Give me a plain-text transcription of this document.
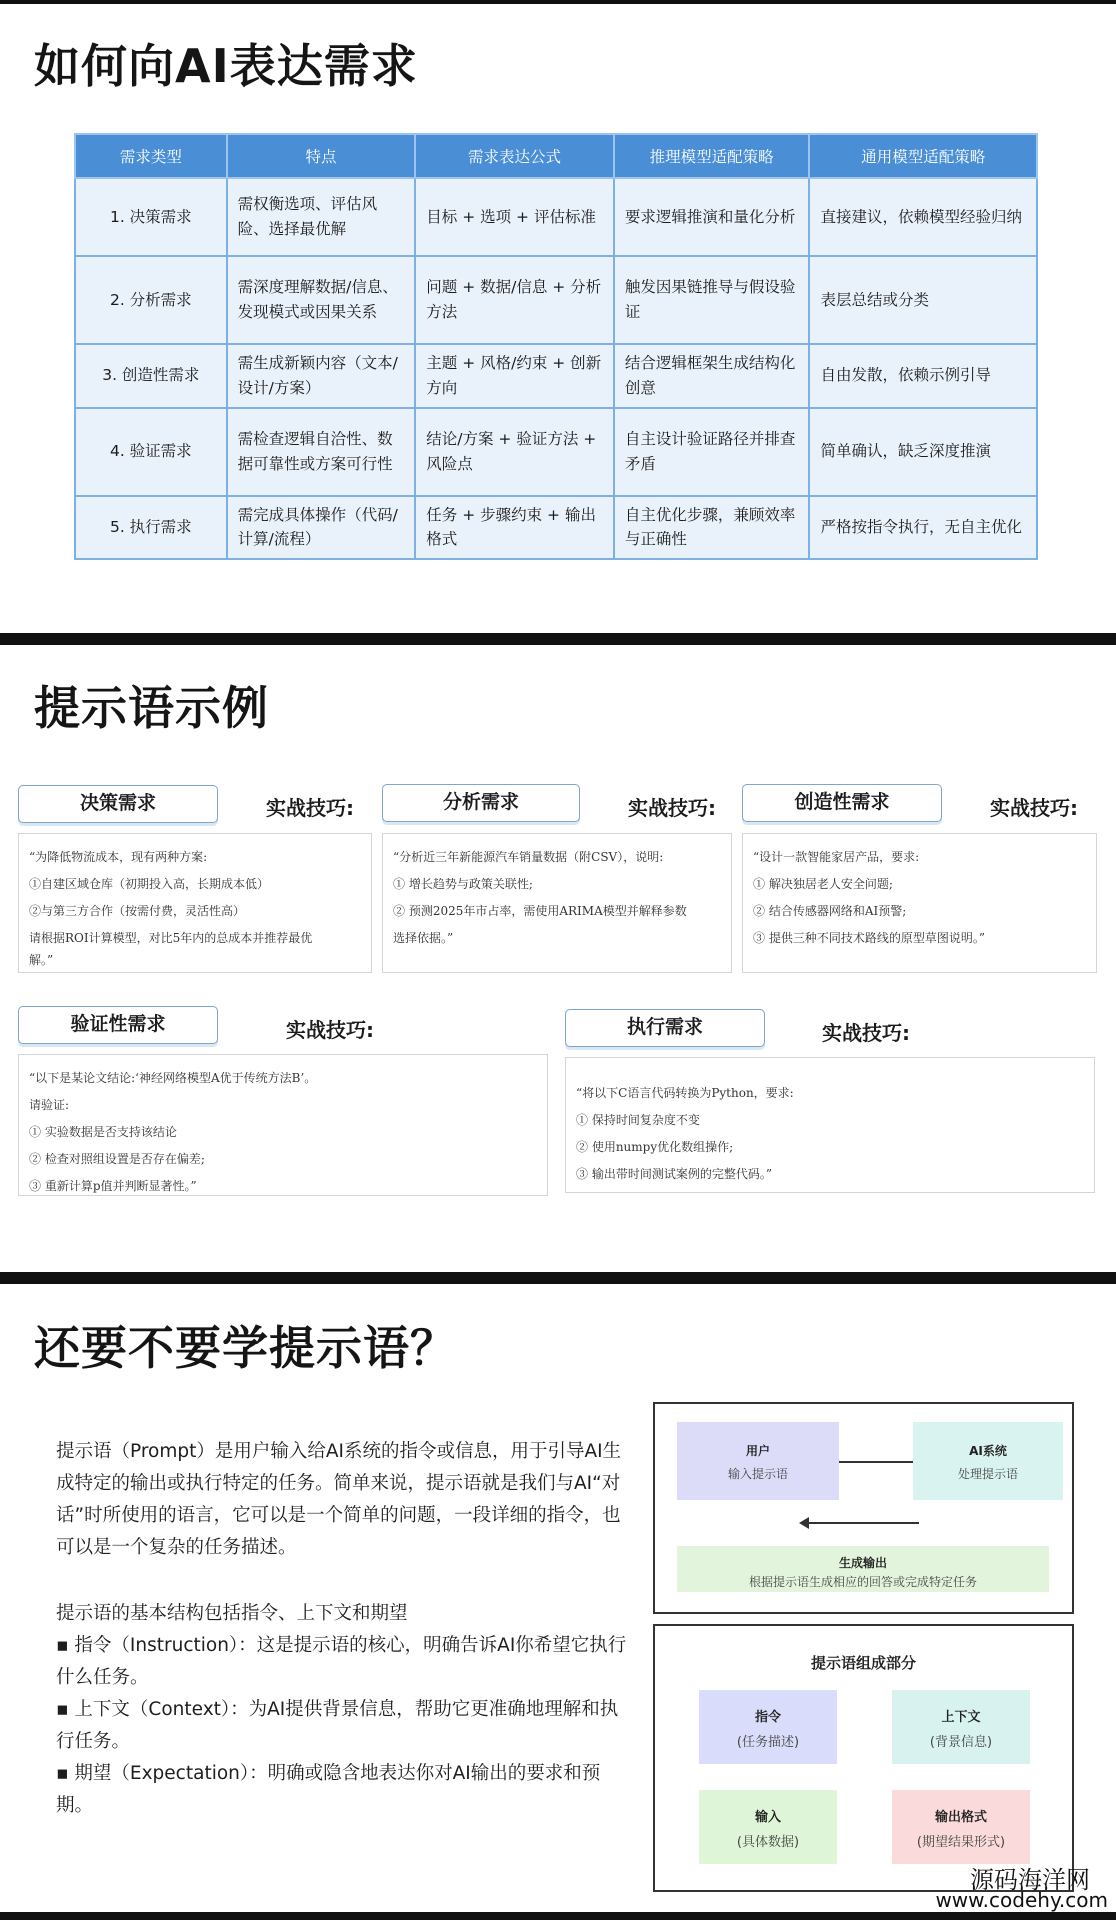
如何向AI表达需求
需求类型	特点	需求表达公式	推理模型适配策略	通用模型适配策略
1. 决策需求	需权衡选项、评估风险、选择最优解	目标 + 选项 + 评估标准	要求逻辑推演和量化分析	直接建议，依赖模型经验归纳
2. 分析需求	需深度理解数据/信息、发现模式或因果关系	问题 + 数据/信息 + 分析方法	触发因果链推导与假设验证	表层总结或分类
3. 创造性需求	需生成新颖内容（文本/设计/方案）	主题 + 风格/约束 + 创新方向	结合逻辑框架生成结构化创意	自由发散，依赖示例引导
4. 验证需求	需检查逻辑自洽性、数据可靠性或方案可行性	结论/方案 + 验证方法 + 风险点	自主设计验证路径并排查矛盾	简单确认，缺乏深度推演
5. 执行需求	需完成具体操作（代码/计算/流程）	任务 + 步骤约束 + 输出格式	自主优化步骤，兼顾效率与正确性	严格按指令执行，无自主优化
提示语示例
决策需求	实战技巧:
“为降低物流成本，现有两种方案:
①自建区域仓库（初期投入高，长期成本低）
②与第三方合作（按需付费，灵活性高）
请根据ROI计算模型，对比5年内的总成本并推荐最优
解。”
分析需求	实战技巧:
“分析近三年新能源汽车销量数据（附CSV），说明:
① 增长趋势与政策关联性;
② 预测2025年市占率，需使用ARIMA模型并解释参数
选择依据。”
创造性需求	实战技巧:
“设计一款智能家居产品，要求:
① 解决独居老人安全问题;
② 结合传感器网络和AI预警;
③ 提供三种不同技术路线的原型草图说明。”
验证性需求	实战技巧:
“以下是某论文结论:‘神经网络模型A优于传统方法B’。
请验证:
① 实验数据是否支持该结论
② 检查对照组设置是否存在偏差;
③ 重新计算p值并判断显著性。”
执行需求	实战技巧:
“将以下C语言代码转换为Python，要求:
① 保持时间复杂度不变
② 使用numpy优化数组操作;
③ 输出带时间测试案例的完整代码。”
还要不要学提示语？
提示语（Prompt）是用户输入给AI系统的指令或信息，用于引导AI生成特定的输出或执行特定的任务。简单来说，提示语就是我们与AI“对话”时所使用的语言，它可以是一个简单的问题，一段详细的指令，也可以是一个复杂的任务描述。
提示语的基本结构包括指令、上下文和期望
▪ 指令（Instruction）：这是提示语的核心，明确告诉AI你希望它执行什么任务。
▪ 上下文（Context）：为AI提供背景信息，帮助它更准确地理解和执行任务。
▪ 期望（Expectation）：明确或隐含地表达你对AI输出的要求和预期。
用户
输入提示语
AI系统
处理提示语
生成输出
根据提示语生成相应的回答或完成特定任务
提示语组成部分
指令
(任务描述)
上下文
(背景信息)
输入
(具体数据)
输出格式
(期望结果形式)
源码海洋网
www.codehy.com
